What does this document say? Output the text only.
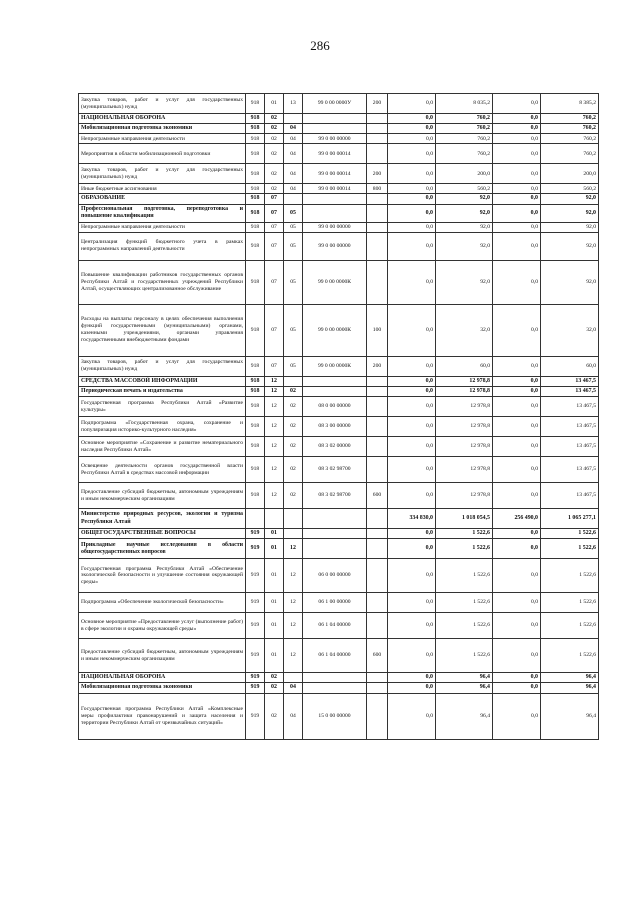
286
Закупка товаров, работ и услуг для государственных (муниципальных) нужд	918	01	13	99 0 00 0000У	200	0,0	8 035,2	0,0	8 385,2
НАЦИОНАЛЬНАЯ ОБОРОНА	918	02				0,0	760,2	0,0	760,2
Мобилизационная подготовка экономики	918	02	04			0,0	760,2	0,0	760,2
Непрограммные направления деятельности	918	02	04	99 0 00 00000		0,0	760,2	0,0	760,2
Мероприятия в области мобилизационной подготовки	918	02	04	99 0 00 00014		0,0	760,2	0,0	760,2
Закупка товаров, работ и услуг для государственных (муниципальных) нужд	918	02	04	99 0 00 00014	200	0,0	200,0	0,0	200,0
Иные бюджетные ассигнования	918	02	04	99 0 00 00014	800	0,0	560,2	0,0	560,2
ОБРАЗОВАНИЕ	918	07				0,0	92,0	0,0	92,0
Профессиональная подготовка, переподготовка и повышение квалификации	918	07	05			0,0	92,0	0,0	92,0
Непрограммные направления деятельности	918	07	05	99 0 00 00000		0,0	92,0	0,0	92,0
Централизация функций бюджетного учета в рамках непрограммных направлений деятельности	918	07	05	99 0 00 00000		0,0	92,0	0,0	92,0
Повышение квалификации работников государственных органов Республики Алтай и государственных учреждений Республики Алтай, осуществляющих централизованное обслуживание	918	07	05	99 0 00 0000К		0,0	92,0	0,0	92,0
Расходы на выплаты персоналу в целях обеспечения выполнения функций государственными (муниципальными) органами, казенными учреждениями, органами управления государственными внебюджетными фондами	918	07	05	99 0 00 0000К	100	0,0	32,0	0,0	32,0
Закупка товаров, работ и услуг для государственных (муниципальных) нужд	918	07	05	99 0 00 0000К	200	0,0	60,0	0,0	60,0
СРЕДСТВА МАССОВОЙ ИНФОРМАЦИИ	918	12				0,0	12 978,8	0,0	13 467,5
Периодическая печать и издательства	918	12	02			0,0	12 978,8	0,0	13 467,5
Государственная программа Республики Алтай «Развитие культуры»	918	12	02	08 0 00 00000		0,0	12 978,8	0,0	13 467,5
Подпрограмма «Государственная охрана, сохранение и популяризация историко-культурного наследия»	918	12	02	08 3 00 00000		0,0	12 978,8	0,0	13 467,5
Основное мероприятие «Сохранение и развитие нематериального наследия Республики Алтай»	918	12	02	08 3 02 00000		0,0	12 978,8	0,0	13 467,5
Освещение деятельности органов государственной власти Республики Алтай в средствах массовой информации	918	12	02	08 3 02 98700		0,0	12 978,8	0,0	13 467,5
Предоставление субсидий бюджетным, автономным учреждениям и иным некоммерческим организациям	918	12	02	08 3 02 98700	600	0,0	12 978,8	0,0	13 467,5
Министерство природных ресурсов, экологии и туризма Республики Алтай						334 830,0	1 018 054,5	256 490,0	1 065 277,1
ОБЩЕГОСУДАРСТВЕННЫЕ ВОПРОСЫ	919	01				0,0	1 522,6	0,0	1 522,6
Прикладные научные исследования в области общегосударственных вопросов	919	01	12			0,0	1 522,6	0,0	1 522,6
Государственная программа Республики Алтай «Обеспечение экологической безопасности и улучшение состояния окружающей среды»	919	01	12	06 0 00 00000		0,0	1 522,6	0,0	1 522,6
Подпрограмма «Обеспечение экологической безопасности»	919	01	12	06 1 00 00000		0,0	1 522,6	0,0	1 522,6
Основное мероприятие «Предоставление услуг (выполнение работ) в сфере экологии и охраны окружающей среды»	919	01	12	06 1 04 00000		0,0	1 522,6	0,0	1 522,6
Предоставление субсидий бюджетным, автономным учреждениям и иным некоммерческим организациям	919	01	12	06 1 04 00000	600	0,0	1 522,6	0,0	1 522,6
НАЦИОНАЛЬНАЯ ОБОРОНА	919	02				0,0	96,4	0,0	96,4
Мобилизационная подготовка экономики	919	02	04			0,0	96,4	0,0	96,4
Государственная программа Республики Алтай «Комплексные меры профилактики правонарушений и защита населения и территории Республики Алтай от чрезвычайных ситуаций»	919	02	04	15 0 00 00000		0,0	96,4	0,0	96,4
